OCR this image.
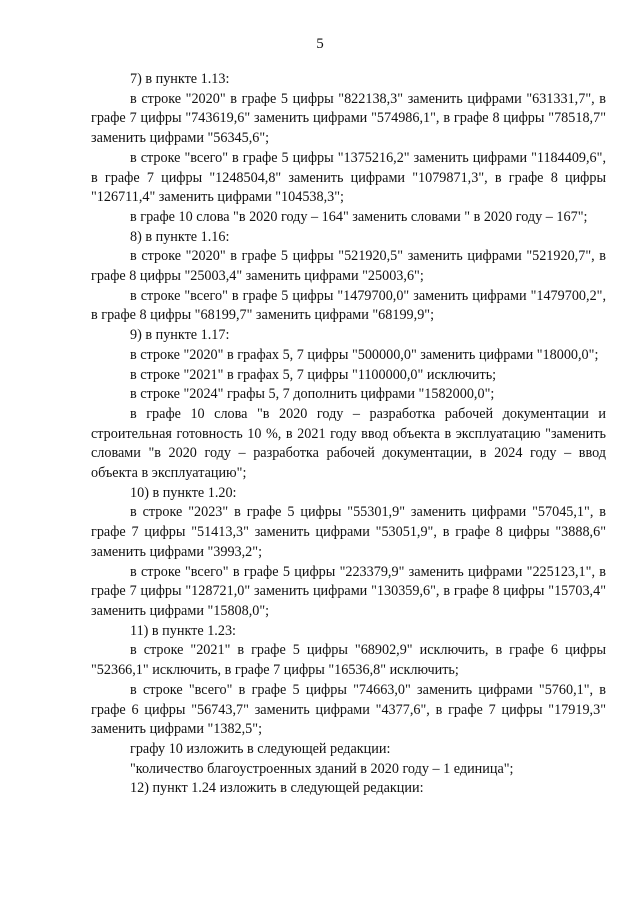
5

7) в пункте 1.13:

в строке "2020" в графе 5 цифры "822138,3" заменить цифрами "631331,7", в графе 7 цифры "743619,6" заменить цифрами "574986,1", в графе 8 цифры "78518,7" заменить цифрами "56345,6";

в строке "всего" в графе 5 цифры "1375216,2" заменить цифрами "1184409,6", в графе 7 цифры "1248504,8" заменить цифрами "1079871,3", в графе 8 цифры "126711,4" заменить цифрами "104538,3";

в графе 10 слова "в 2020 году – 164" заменить словами " в 2020 году – 167";

8) в пункте 1.16:

в строке "2020" в графе 5 цифры "521920,5" заменить цифрами "521920,7", в графе 8 цифры "25003,4" заменить цифрами "25003,6";

в строке "всего" в графе 5 цифры "1479700,0" заменить цифрами "1479700,2", в графе 8 цифры "68199,7" заменить цифрами "68199,9";

9) в пункте 1.17:

в строке "2020" в графах 5, 7 цифры "500000,0" заменить цифрами "18000,0";

в строке "2021" в графах 5, 7 цифры "1100000,0" исключить;

в строке "2024" графы 5, 7 дополнить цифрами "1582000,0";

в графе 10 слова "в 2020 году – разработка рабочей документации и строительная готовность 10 %, в 2021 году ввод объекта в эксплуатацию "заменить словами "в 2020 году – разработка рабочей документации, в 2024 году – ввод объекта в эксплуатацию";

10) в пункте 1.20:

в строке "2023" в графе 5 цифры "55301,9" заменить цифрами "57045,1", в графе 7 цифры "51413,3" заменить цифрами "53051,9", в графе 8 цифры "3888,6" заменить цифрами "3993,2";

в строке "всего" в графе 5 цифры "223379,9" заменить цифрами "225123,1", в графе 7 цифры "128721,0" заменить цифрами "130359,6", в графе 8 цифры "15703,4" заменить цифрами "15808,0";

11) в пункте 1.23:

в строке "2021" в графе 5 цифры "68902,9" исключить, в графе 6 цифры "52366,1" исключить, в графе 7 цифры "16536,8" исключить;

в строке "всего" в графе 5 цифры "74663,0" заменить цифрами "5760,1", в графе 6 цифры "56743,7" заменить цифрами "4377,6", в графе 7 цифры "17919,3" заменить цифрами "1382,5";

графу 10 изложить в следующей редакции:

"количество благоустроенных зданий в 2020 году – 1 единица";

12) пункт 1.24 изложить в следующей редакции:
